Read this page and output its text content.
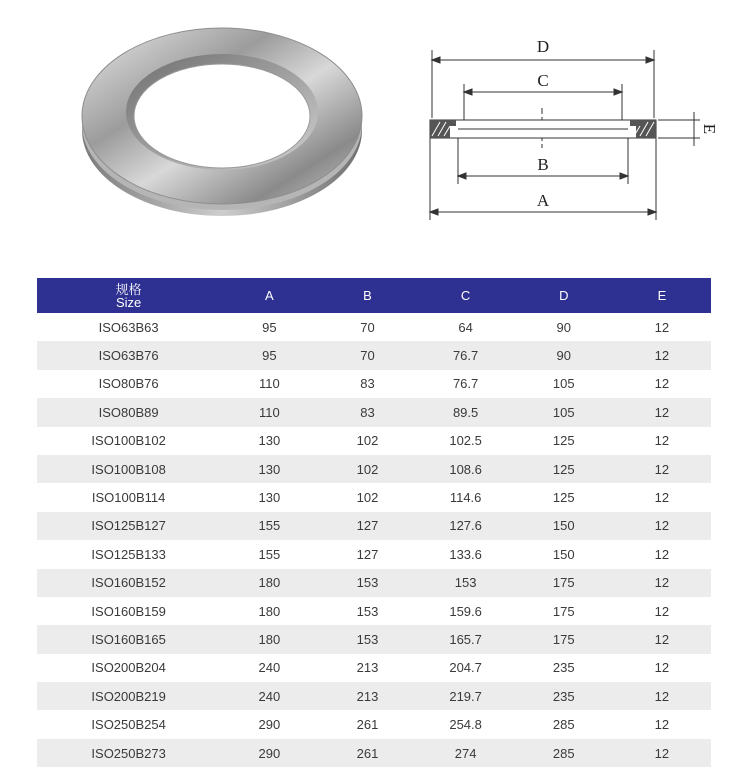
D
C
E
B
A
规格
Size	A	B	C	D	E

ISO63B63	95	70	64	90	12
ISO63B76	95	70	76.7	90	12
ISO80B76	110	83	76.7	105	12
ISO80B89	110	83	89.5	105	12
ISO100B102	130	102	102.5	125	12
ISO100B108	130	102	108.6	125	12
ISO100B114	130	102	114.6	125	12
ISO125B127	155	127	127.6	150	12
ISO125B133	155	127	133.6	150	12
ISO160B152	180	153	153	175	12
ISO160B159	180	153	159.6	175	12
ISO160B165	180	153	165.7	175	12
ISO200B204	240	213	204.7	235	12
ISO200B219	240	213	219.7	235	12
ISO250B254	290	261	254.8	285	12
ISO250B273	290	261	274	285	12
